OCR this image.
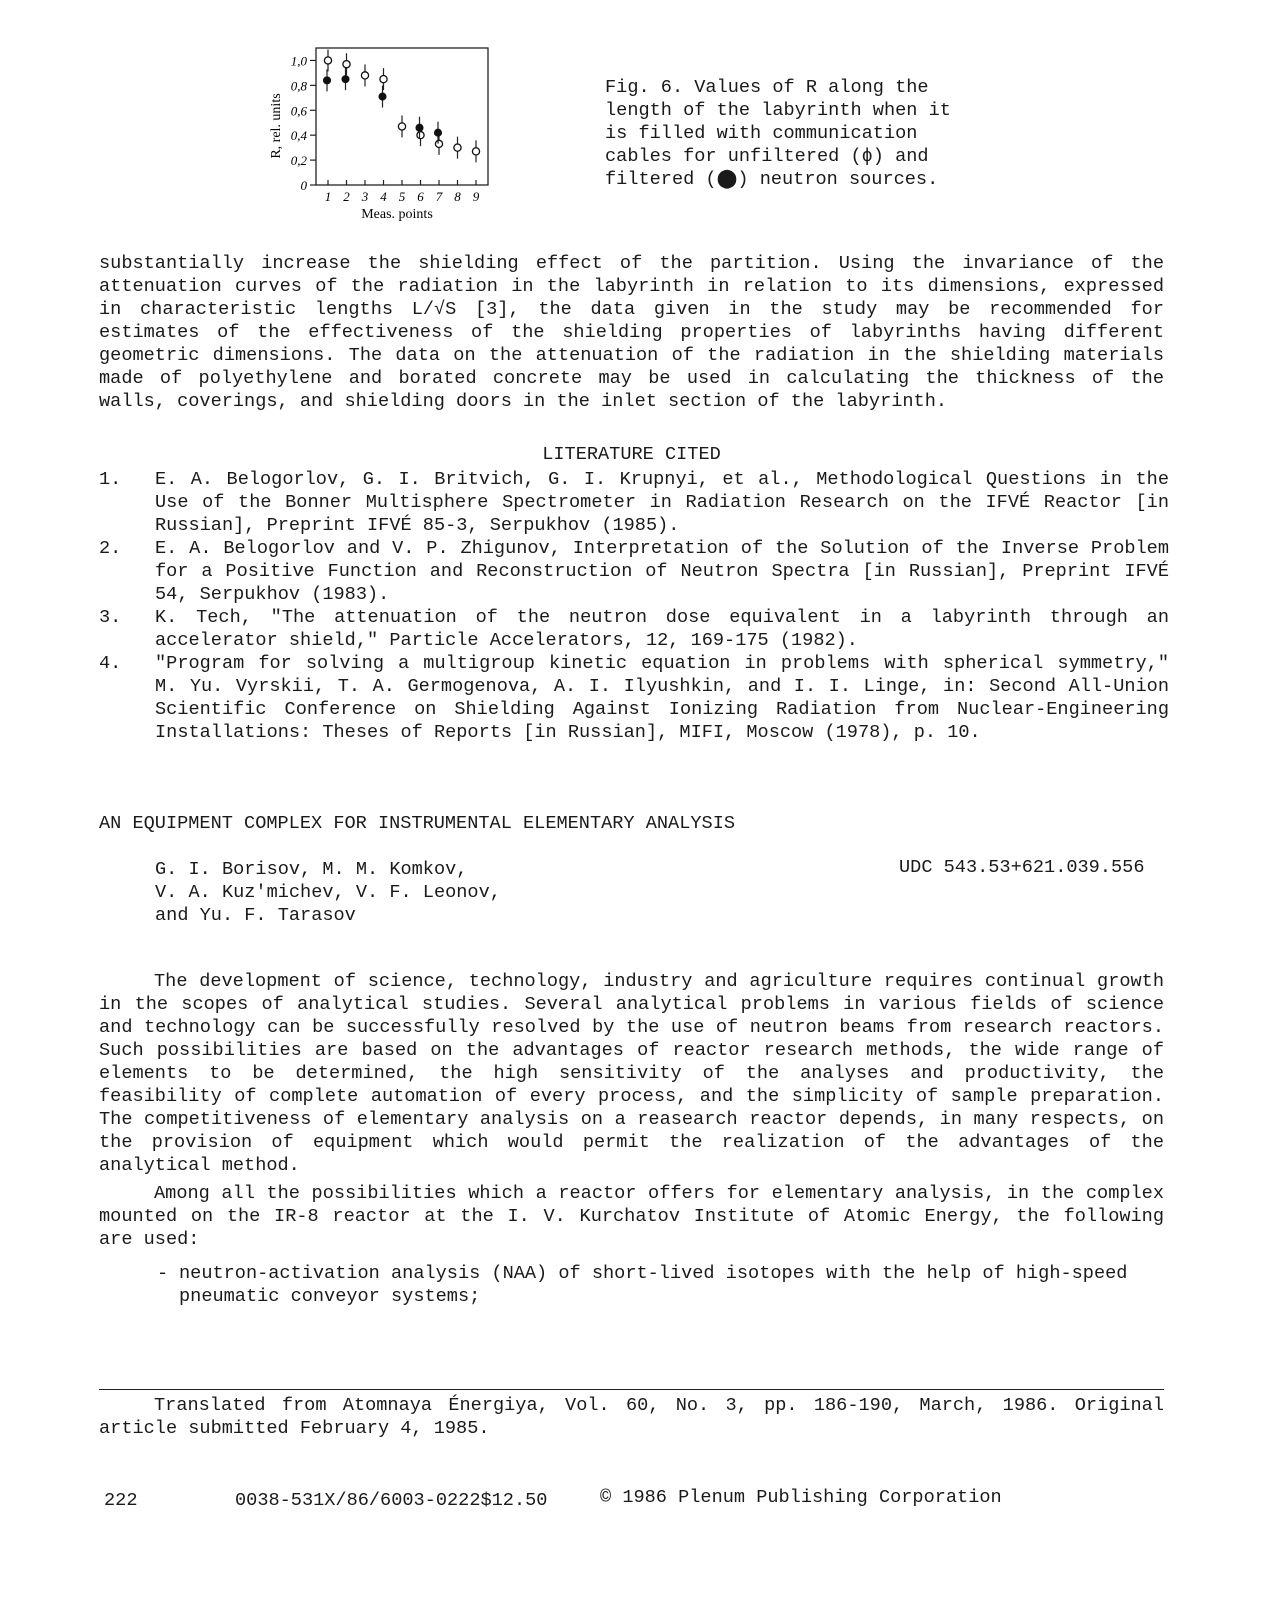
R, rel. units
1,0
0,8
0,6
0,4
0,2
0
1 2 3 4 5 6 7 8 9
Meas. points
Fig. 6. Values of R along the
length of the labyrinth when it
is filled with communication
cables for unfiltered (ϕ) and
filtered (⬤) neutron sources.
substantially increase the shielding effect of the partition. Using the invariance of the attenuation curves of the radiation in the labyrinth in relation to its dimensions, expressed in characteristic lengths L/√S [3], the data given in the study may be recommended for estimates of the effectiveness of the shielding properties of labyrinths having different geometric dimensions. The data on the attenuation of the radiation in the shielding materials made of polyethylene and borated concrete may be used in calculating the thickness of the walls, coverings, and shielding doors in the inlet section of the labyrinth.
LITERATURE CITED
1.	E. A. Belogorlov, G. I. Britvich, G. I. Krupnyi, et al., Methodological Questions in the Use of the Bonner Multisphere Spectrometer in Radiation Research on the IFVÉ Reactor [in Russian], Preprint IFVÉ 85-3, Serpukhov (1985).
2.	E. A. Belogorlov and V. P. Zhigunov, Interpretation of the Solution of the Inverse Problem for a Positive Function and Reconstruction of Neutron Spectra [in Russian], Preprint IFVÉ 54, Serpukhov (1983).
3.	K. Tech, "The attenuation of the neutron dose equivalent in a labyrinth through an accelerator shield," Particle Accelerators, 12, 169-175 (1982).
4.	"Program for solving a multigroup kinetic equation in problems with spherical symmetry," M. Yu. Vyrskii, T. A. Germogenova, A. I. Ilyushkin, and I. I. Linge, in: Second All-Union Scientific Conference on Shielding Against Ionizing Radiation from Nuclear-Engineering Installations: Theses of Reports [in Russian], MIFI, Moscow (1978), p. 10.
AN EQUIPMENT COMPLEX FOR INSTRUMENTAL ELEMENTARY ANALYSIS
G. I. Borisov, M. M. Komkov,
V. A. Kuz'michev, V. F. Leonov,
and Yu. F. Tarasov
UDC 543.53+621.039.556
The development of science, technology, industry and agriculture requires continual growth in the scopes of analytical studies. Several analytical problems in various fields of science and technology can be successfully resolved by the use of neutron beams from research reactors. Such possibilities are based on the advantages of reactor research methods, the wide range of elements to be determined, the high sensitivity of the analyses and productivity, the feasibility of complete automation of every process, and the simplicity of sample preparation. The competitiveness of elementary analysis on a reasearch reactor depends, in many respects, on the provision of equipment which would permit the realization of the advantages of the analytical method.
Among all the possibilities which a reactor offers for elementary analysis, in the complex mounted on the IR-8 reactor at the I. V. Kurchatov Institute of Atomic Energy, the following are used:
- neutron-activation analysis (NAA) of short-lived isotopes with the help of high-speed pneumatic conveyor systems;
Translated from Atomnaya Énergiya, Vol. 60, No. 3, pp. 186-190, March, 1986. Original article submitted February 4, 1985.
222	0038-531X/86/6003-0222$12.50	© 1986 Plenum Publishing Corporation
